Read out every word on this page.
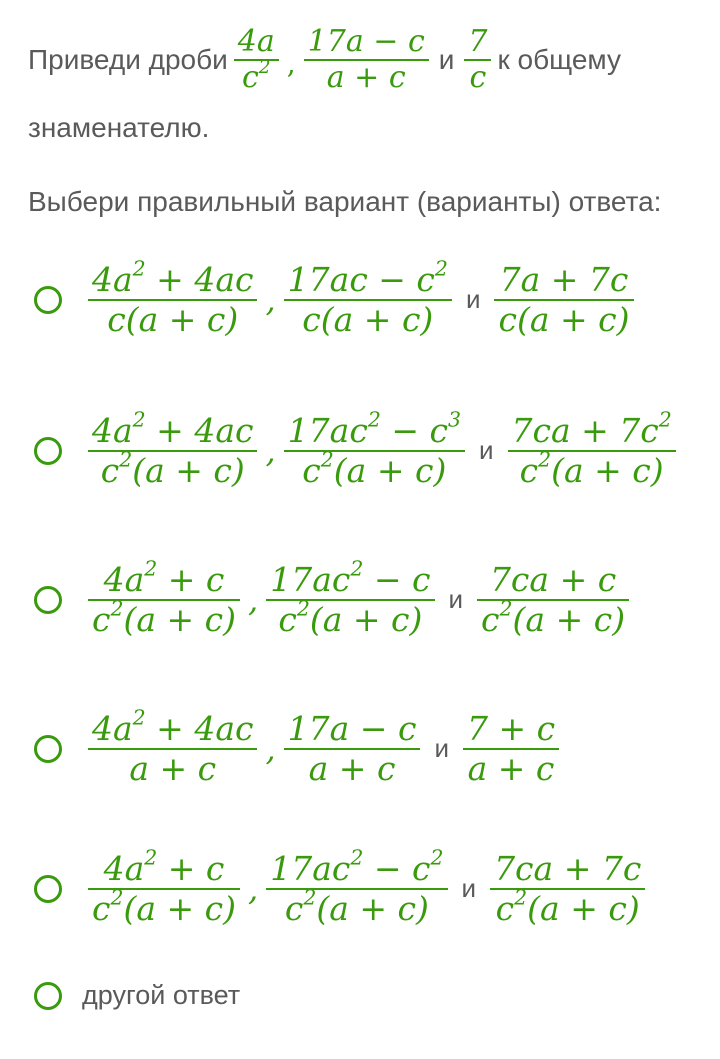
Приведи дроби $\frac{4a}{c^2}$ , $\frac{17a - c}{a + c}$ и $\frac{7}{c}$ к общему
знаменателю.
Выбери правильный вариант (варианты) ответа:
$\frac{4a^2 + 4ac}{c(a + c)}$ , $\frac{17ac - c^2}{c(a + c)}$ и $\frac{7a + 7c}{c(a + c)}$
$\frac{4a^2 + 4ac}{c^2(a + c)}$ , $\frac{17ac^2 - c^3}{c^2(a + c)}$ и $\frac{7ca + 7c^2}{c^2(a + c)}$
$\frac{4a^2 + c}{c^2(a + c)}$ , $\frac{17ac^2 - c}{c^2(a + c)}$ и $\frac{7ca + c}{c^2(a + c)}$
$\frac{4a^2 + 4ac}{a + c}$ , $\frac{17a - c}{a + c}$ и $\frac{7 + c}{a + c}$
$\frac{4a^2 + c}{c^2(a + c)}$ , $\frac{17ac^2 - c^2}{c^2(a + c)}$ и $\frac{7ca + 7c}{c^2(a + c)}$
другой ответ
